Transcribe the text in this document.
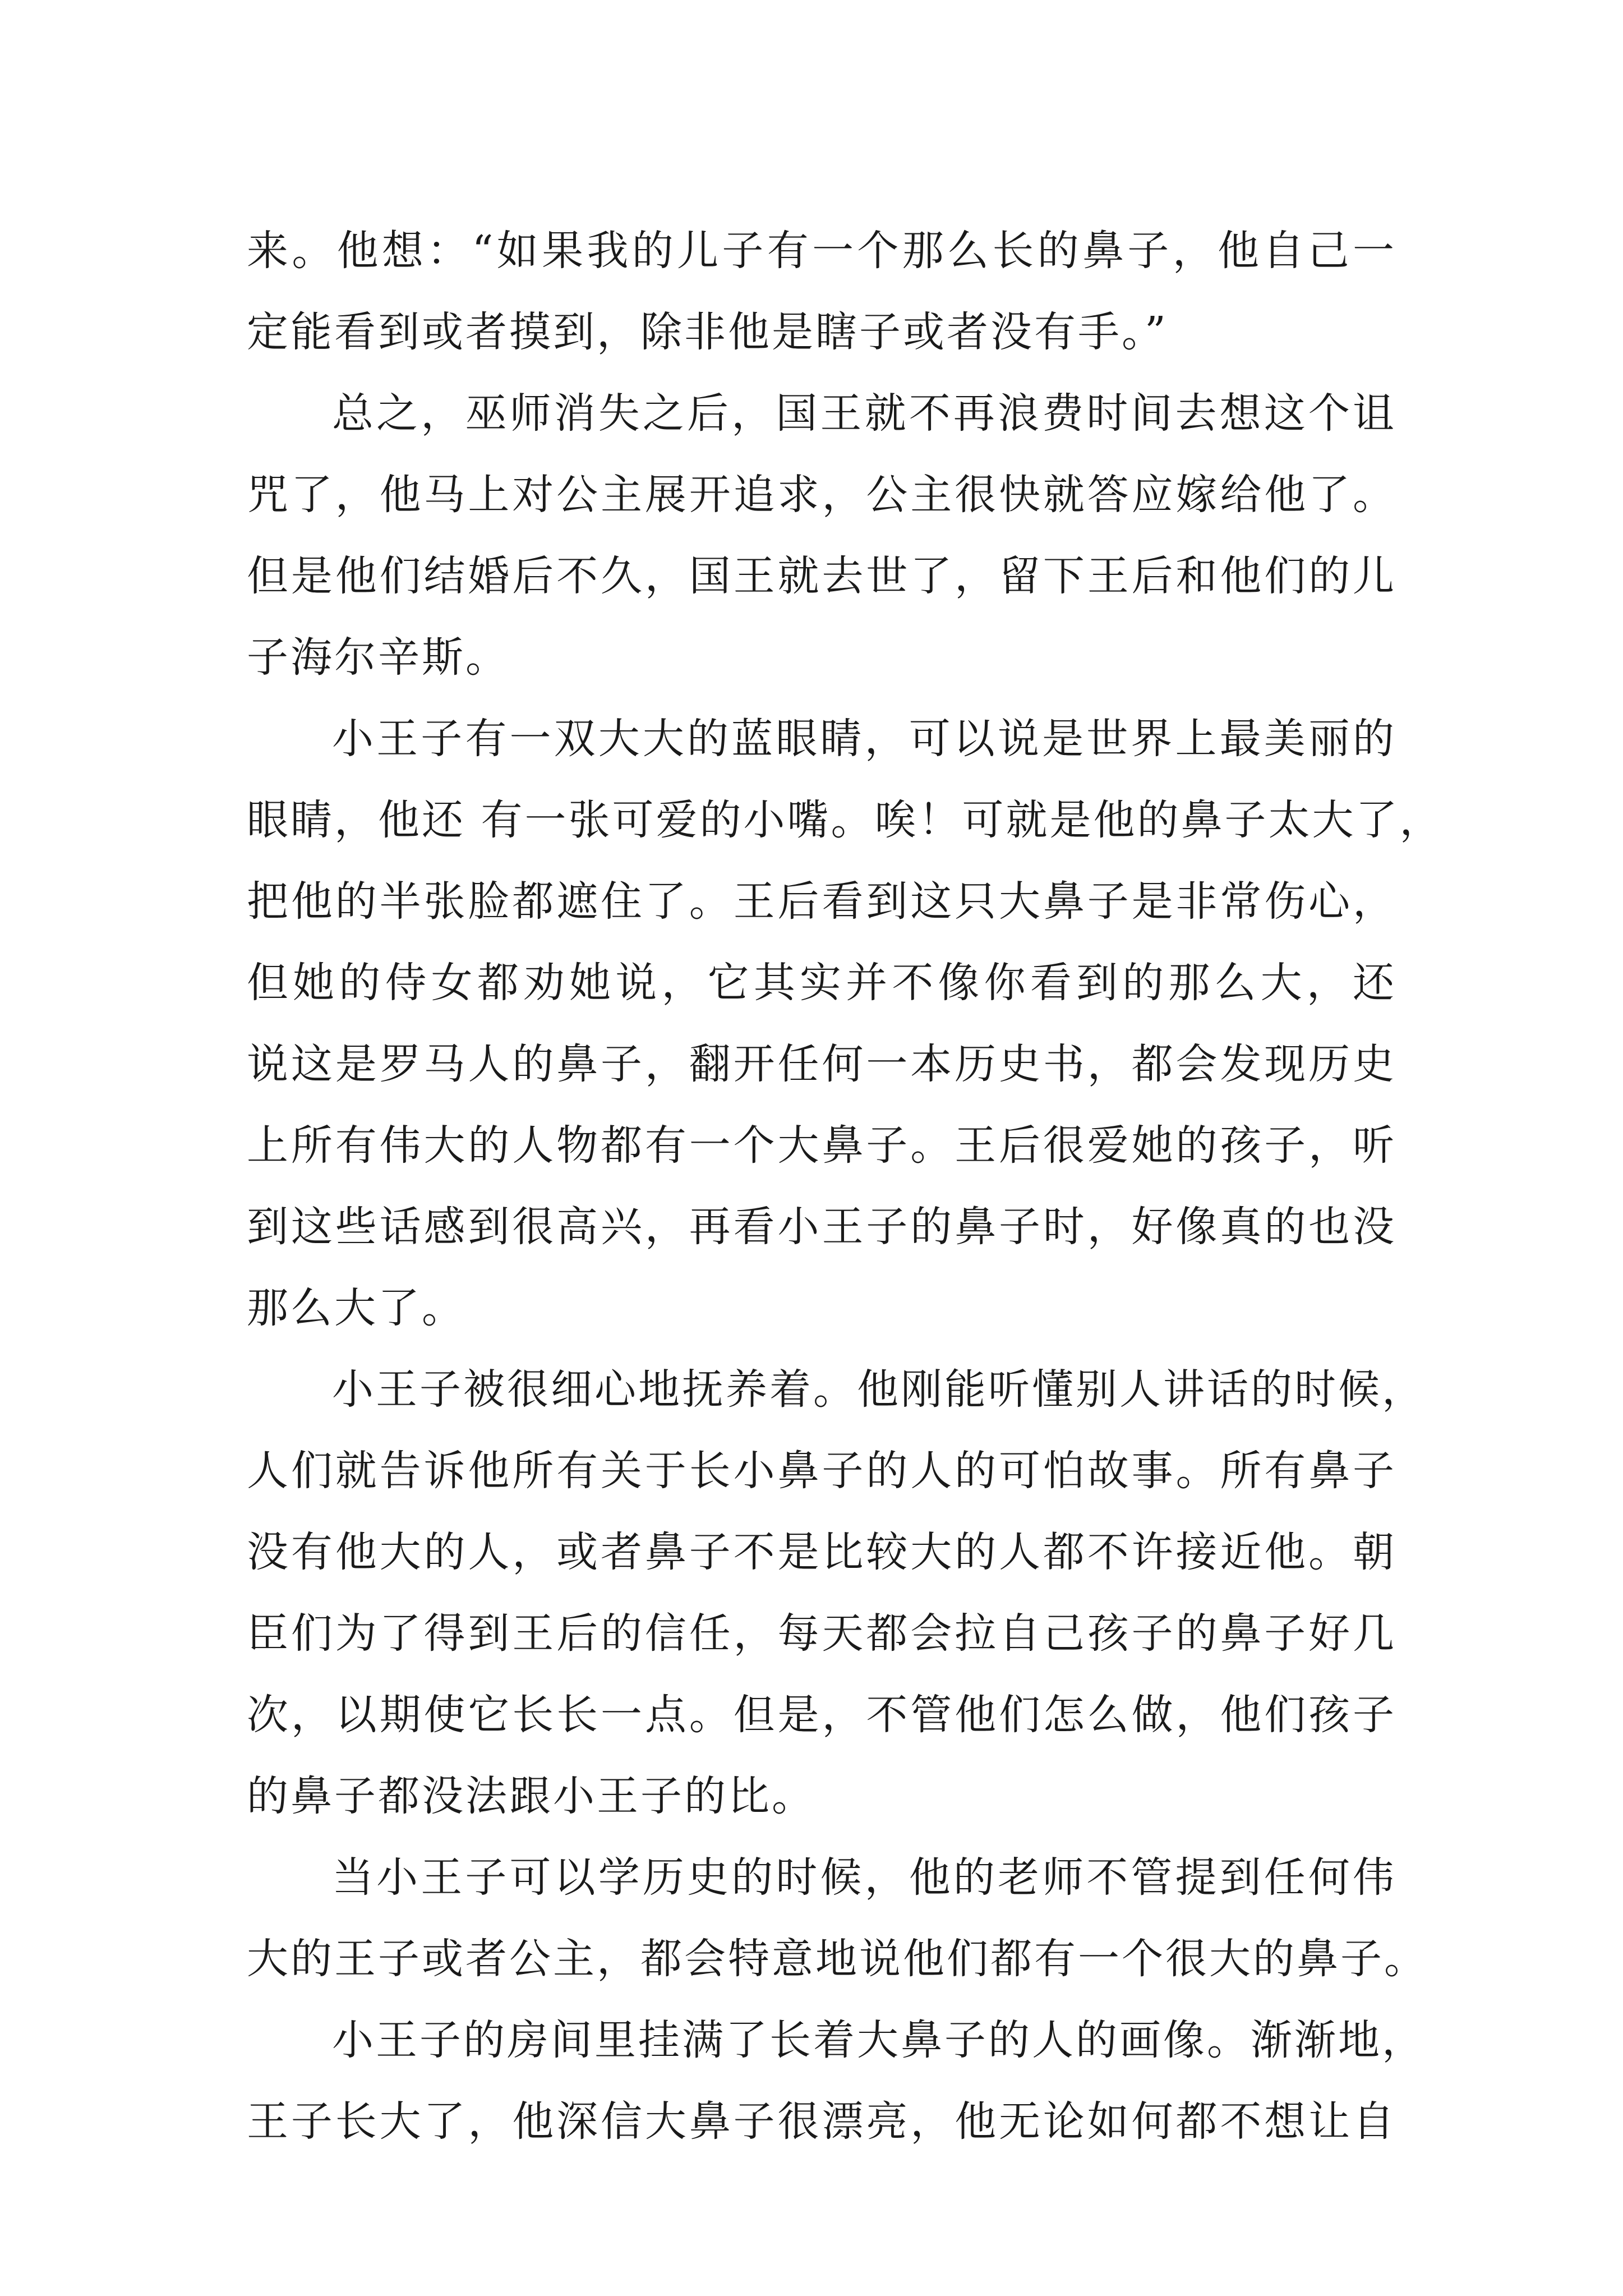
来。他想：“如果我的儿子有一个那么长的鼻子，他自己一
定能看到或者摸到，除非他是瞎子或者没有手。”
总之，巫师消失之后，国王就不再浪费时间去想这个诅
咒了，他马上对公主展开追求，公主很快就答应嫁给他了。
但是他们结婚后不久，国王就去世了，留下王后和他们的儿
子海尔辛斯。
小王子有一双大大的蓝眼睛，可以说是世界上最美丽的
眼睛，他还 有一张可爱的小嘴。唉！可就是他的鼻子太大了，
把他的半张脸都遮住了。王后看到这只大鼻子是非常伤心，
但她的侍女都劝她说，它其实并不像你看到的那么大，还
说这是罗马人的鼻子，翻开任何一本历史书，都会发现历史
上所有伟大的人物都有一个大鼻子。王后很爱她的孩子，听
到这些话感到很高兴，再看小王子的鼻子时，好像真的也没
那么大了。
小王子被很细心地抚养着。他刚能听懂别人讲话的时候，
人们就告诉他所有关于长小鼻子的人的可怕故事。所有鼻子
没有他大的人，或者鼻子不是比较大的人都不许接近他。朝
臣们为了得到王后的信任，每天都会拉自己孩子的鼻子好几
次，以期使它长长一点。但是，不管他们怎么做，他们孩子
的鼻子都没法跟小王子的比。
当小王子可以学历史的时候，他的老师不管提到任何伟
大的王子或者公主，都会特意地说他们都有一个很大的鼻子。
小王子的房间里挂满了长着大鼻子的人的画像。渐渐地，
王子长大了，他深信大鼻子很漂亮，他无论如何都不想让自
